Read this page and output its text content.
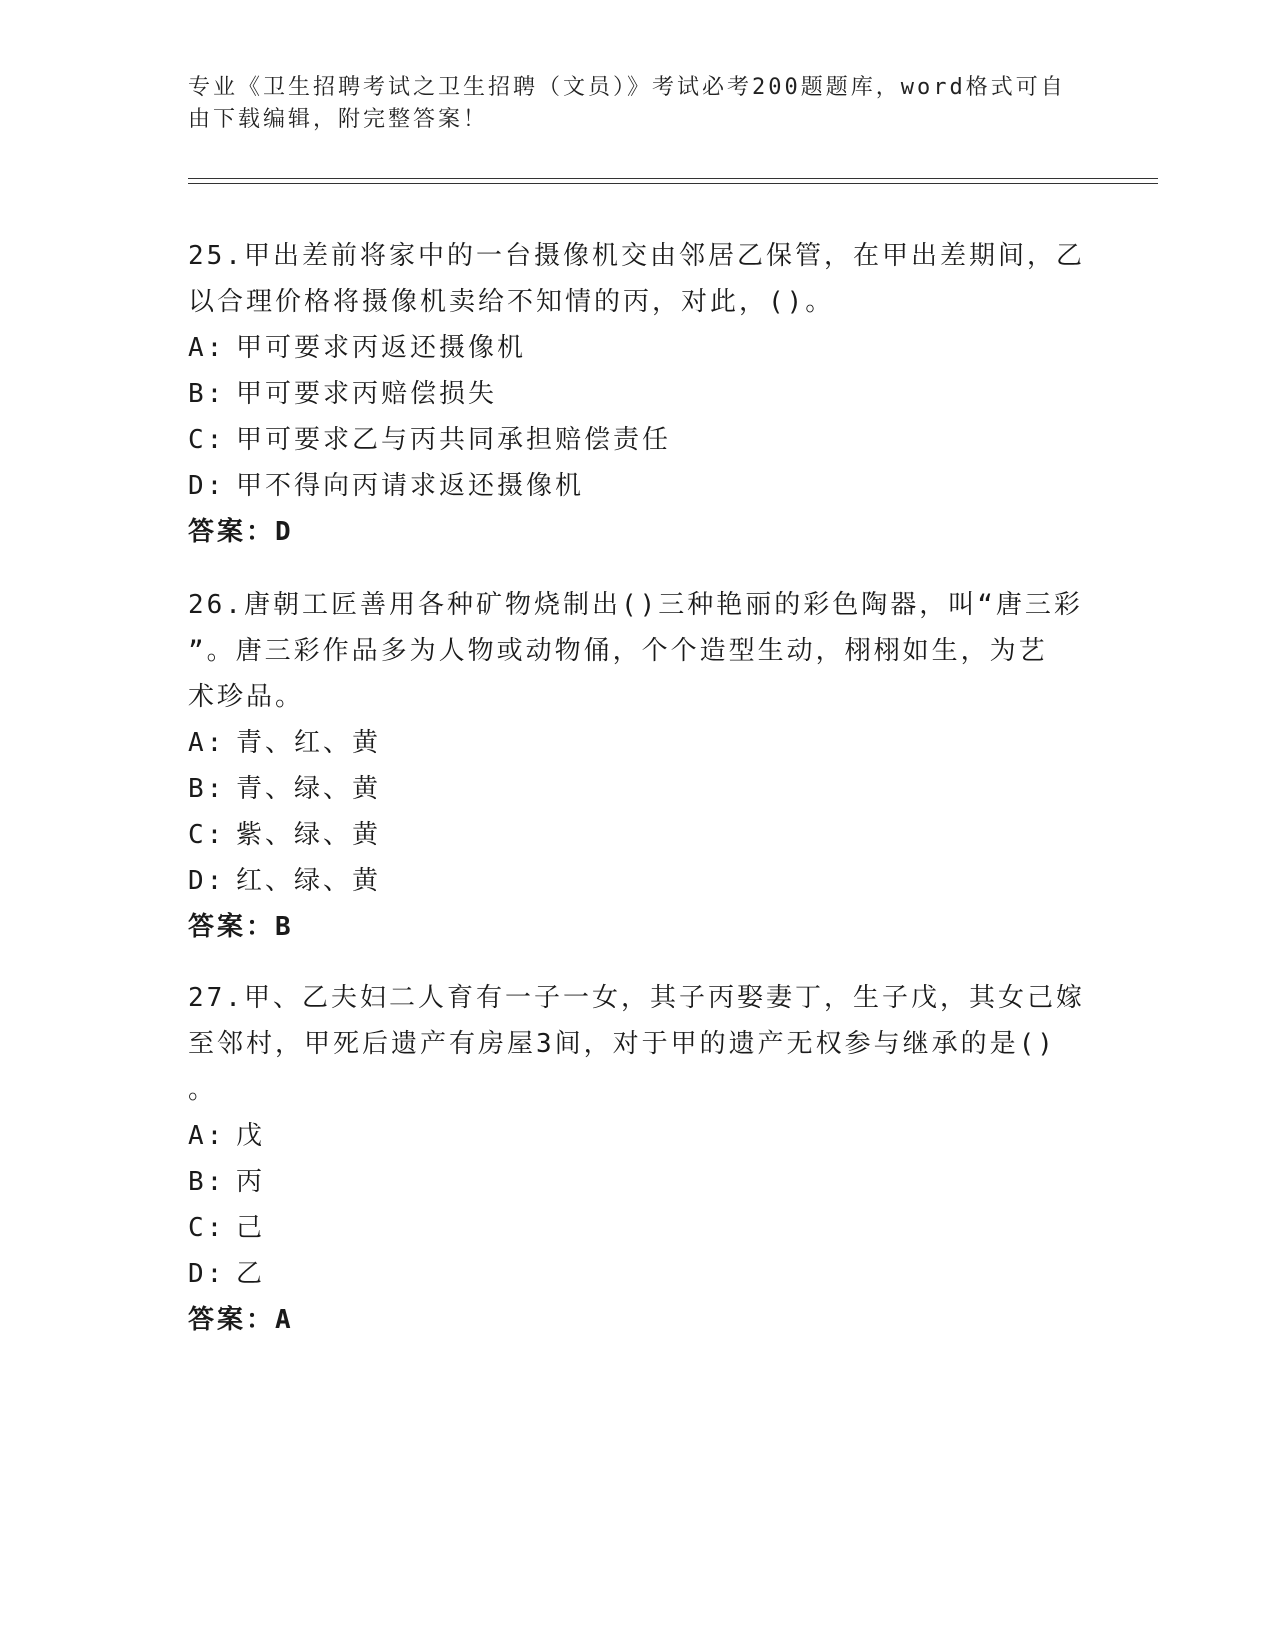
专业《卫生招聘考试之卫生招聘（文员）》考试必考200题题库，word格式可自
由下载编辑，附完整答案！

25.甲出差前将家中的一台摄像机交由邻居乙保管，在甲出差期间，乙

以合理价格将摄像机卖给不知情的丙，对此，()。

A: 甲可要求丙返还摄像机

B: 甲可要求丙赔偿损失

C: 甲可要求乙与丙共同承担赔偿责任

D: 甲不得向丙请求返还摄像机

答案：D

26.唐朝工匠善用各种矿物烧制出()三种艳丽的彩色陶器，叫“唐三彩

”。唐三彩作品多为人物或动物俑，个个造型生动，栩栩如生，为艺

术珍品。

A: 青、红、黄

B: 青、绿、黄

C: 紫、绿、黄

D: 红、绿、黄

答案：B

27.甲、乙夫妇二人育有一子一女，其子丙娶妻丁，生子戊，其女己嫁

至邻村，甲死后遗产有房屋3间，对于甲的遗产无权参与继承的是()

。

A: 戊

B: 丙

C: 己

D: 乙

答案：A
